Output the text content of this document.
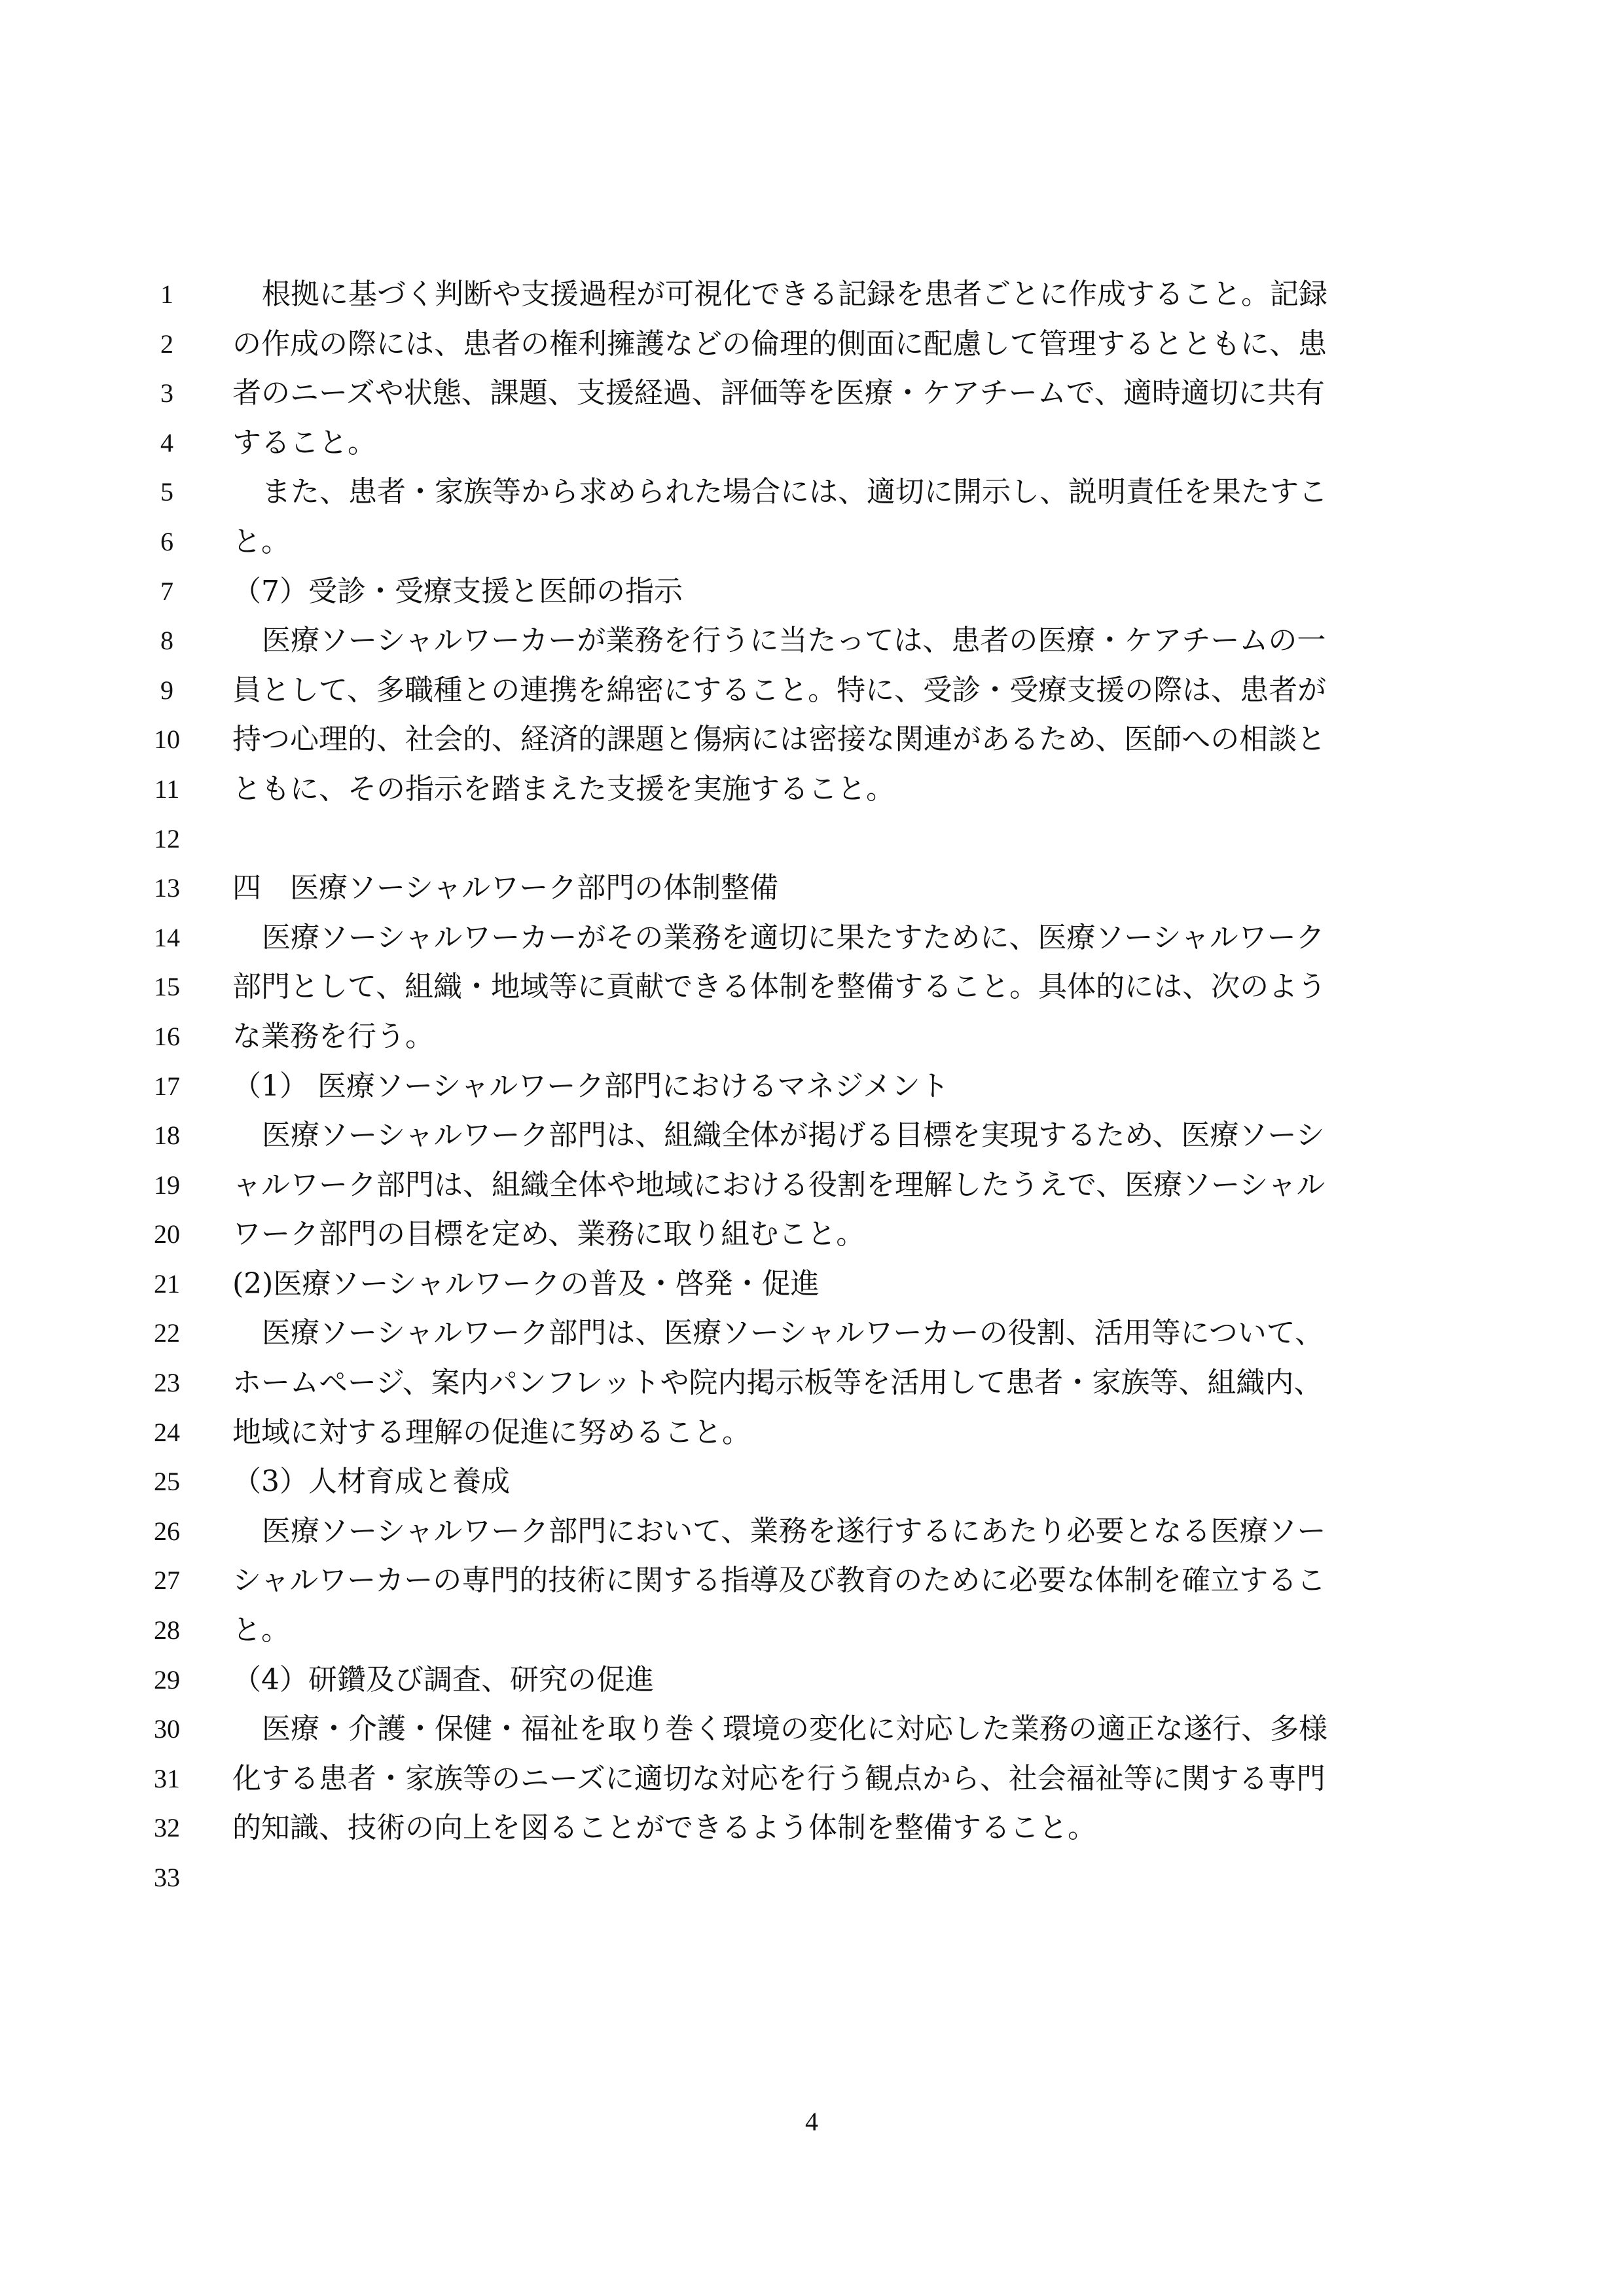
1	根拠に基づく判断や支援過程が可視化できる記録を患者ごとに作成すること。記録
2	の作成の際には、患者の権利擁護などの倫理的側面に配慮して管理するとともに、患
3	者のニーズや状態、課題、支援経過、評価等を医療・ケアチームで、適時適切に共有
4	すること。
5	また、患者・家族等から求められた場合には、適切に開示し、説明責任を果たすこ
6	と。
7	（7）受診・受療支援と医師の指示
8	医療ソーシャルワーカーが業務を行うに当たっては、患者の医療・ケアチームの一
9	員として、多職種との連携を綿密にすること。特に、受診・受療支援の際は、患者が
10	持つ心理的、社会的、経済的課題と傷病には密接な関連があるため、医師への相談と
11	ともに、その指示を踏まえた支援を実施すること。
12
13	四　医療ソーシャルワーク部門の体制整備
14	医療ソーシャルワーカーがその業務を適切に果たすために、医療ソーシャルワーク
15	部門として、組織・地域等に貢献できる体制を整備すること。具体的には、次のよう
16	な業務を行う。
17	（1） 医療ソーシャルワーク部門におけるマネジメント
18	医療ソーシャルワーク部門は、組織全体が掲げる目標を実現するため、医療ソーシ
19	ャルワーク部門は、組織全体や地域における役割を理解したうえで、医療ソーシャル
20	ワーク部門の目標を定め、業務に取り組むこと。
21	(2)医療ソーシャルワークの普及・啓発・促進
22	医療ソーシャルワーク部門は、医療ソーシャルワーカーの役割、活用等について、
23	ホームページ、案内パンフレットや院内掲示板等を活用して患者・家族等、組織内、
24	地域に対する理解の促進に努めること。
25	（3）人材育成と養成
26	医療ソーシャルワーク部門において、業務を遂行するにあたり必要となる医療ソー
27	シャルワーカーの専門的技術に関する指導及び教育のために必要な体制を確立するこ
28	と。
29	（4）研鑽及び調査、研究の促進
30	医療・介護・保健・福祉を取り巻く環境の変化に対応した業務の適正な遂行、多様
31	化する患者・家族等のニーズに適切な対応を行う観点から、社会福祉等に関する専門
32	的知識、技術の向上を図ることができるよう体制を整備すること。
33
4
